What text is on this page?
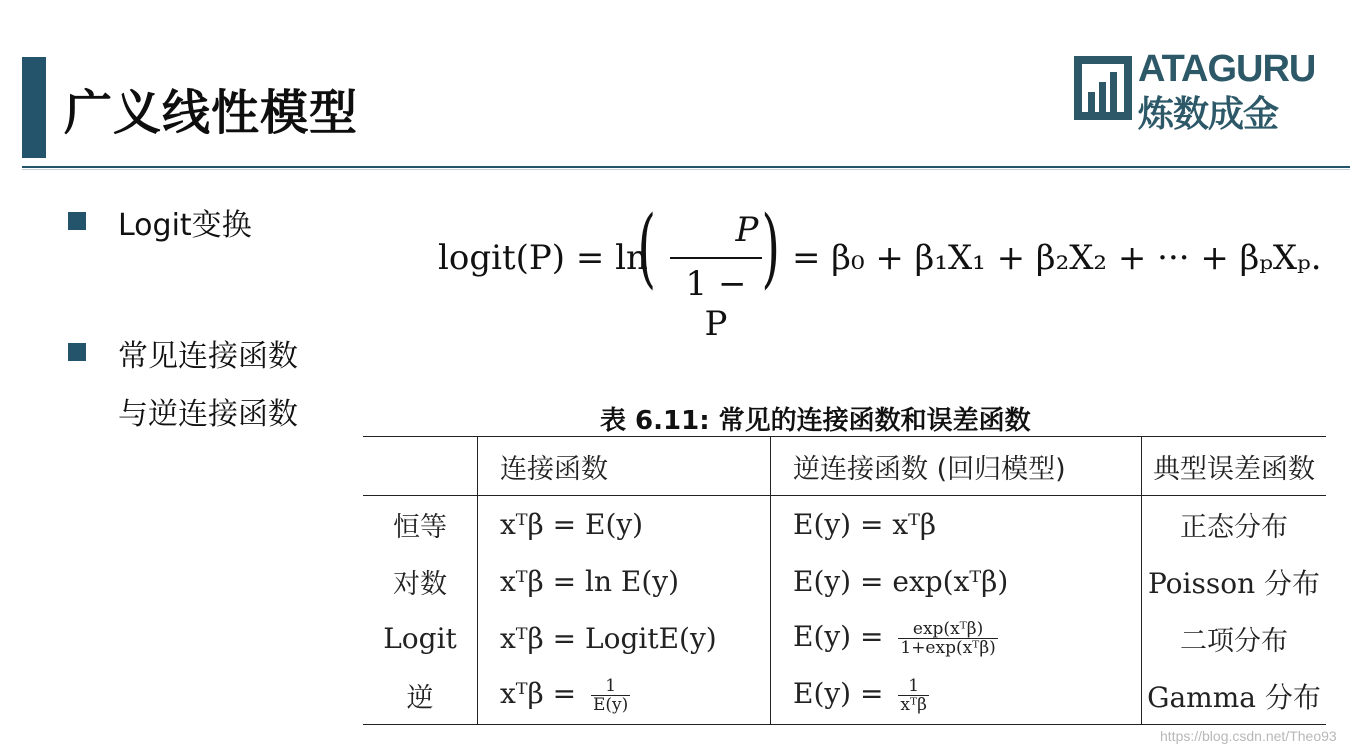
广义线性模型
ATAGURU
炼数成金
Logit变换
常见连接函数
与逆连接函数
logit(P) = ln
(	P
1 − P
) = β₀ + β₁X₁ + β₂X₂ + ··· + βₚXₚ.
表 6.11: 常见的连接函数和误差函数
	连接函数	逆连接函数 (回归模型)	典型误差函数
恒等	xᵀβ = E(y)	E(y) = xᵀβ	正态分布
对数	xᵀβ = ln E(y)	E(y) = exp(xᵀβ)	Poisson 分布
Logit	xᵀβ = LogitE(y)	$E(y) = \frac{\text{exp(xᵀβ)}}{\text{1+exp(xᵀβ)}}$	二项分布
逆	xᵀβ = $\frac{1}{E(y)}$	$E(y) = \frac{1}{\text{xᵀβ}}$	Gamma 分布
https://blog.csdn.net/Theo93
